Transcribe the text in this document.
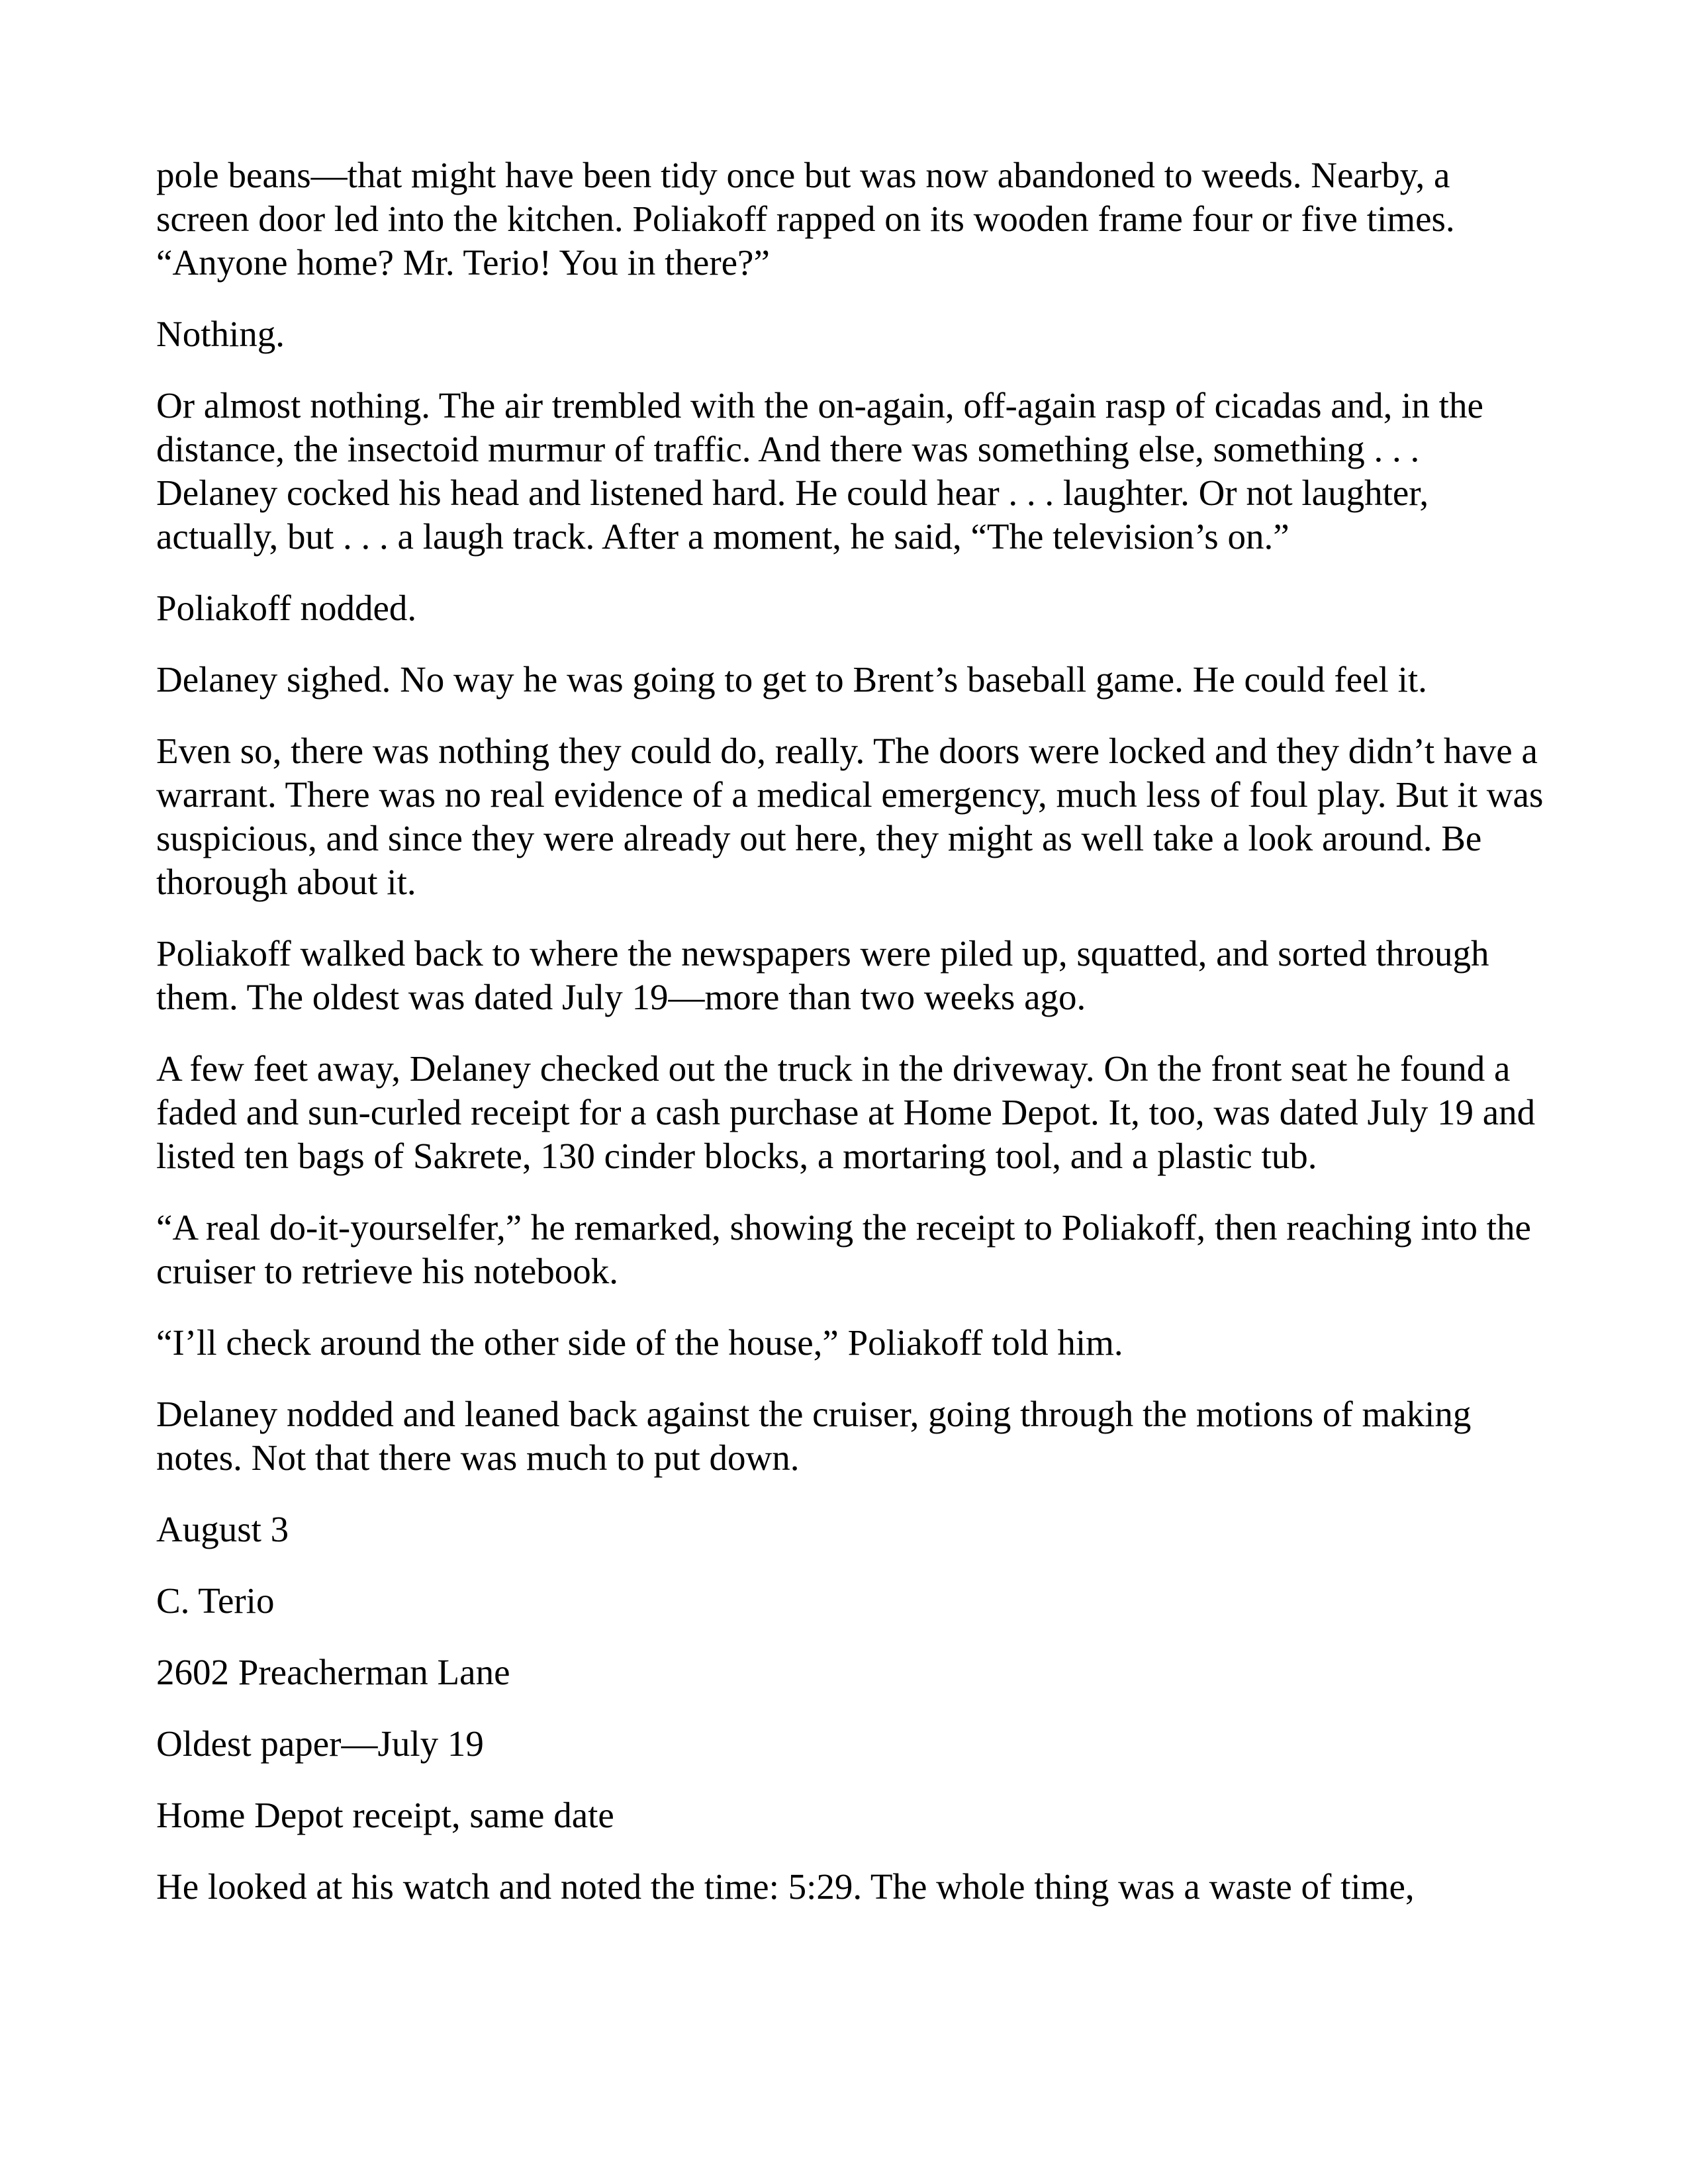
pole beans—that might have been tidy once but was now abandoned to weeds. Nearby, a screen door led into the kitchen. Poliakoff rapped on its wooden frame four or five times. “Anyone home? Mr. Terio! You in there?”

Nothing.

Or almost nothing. The air trembled with the on-again, off-again rasp of cicadas and, in the distance, the insectoid murmur of traffic. And there was something else, something . . . Delaney cocked his head and listened hard. He could hear . . . laughter. Or not laughter, actually, but . . . a laugh track. After a moment, he said, “The television’s on.”

Poliakoff nodded.

Delaney sighed. No way he was going to get to Brent’s baseball game. He could feel it.

Even so, there was nothing they could do, really. The doors were locked and they didn’t have a warrant. There was no real evidence of a medical emergency, much less of foul play. But it was suspicious, and since they were already out here, they might as well take a look around. Be thorough about it.

Poliakoff walked back to where the newspapers were piled up, squatted, and sorted through them. The oldest was dated July 19—more than two weeks ago.

A few feet away, Delaney checked out the truck in the driveway. On the front seat he found a faded and sun-curled receipt for a cash purchase at Home Depot. It, too, was dated July 19 and listed ten bags of Sakrete, 130 cinder blocks, a mortaring tool, and a plastic tub.

“A real do-it-yourselfer,” he remarked, showing the receipt to Poliakoff, then reaching into the cruiser to retrieve his notebook.

“I’ll check around the other side of the house,” Poliakoff told him.

Delaney nodded and leaned back against the cruiser, going through the motions of making notes. Not that there was much to put down.

August 3

C. Terio

2602 Preacherman Lane

Oldest paper—July 19

Home Depot receipt, same date

He looked at his watch and noted the time: 5:29. The whole thing was a waste of time,
